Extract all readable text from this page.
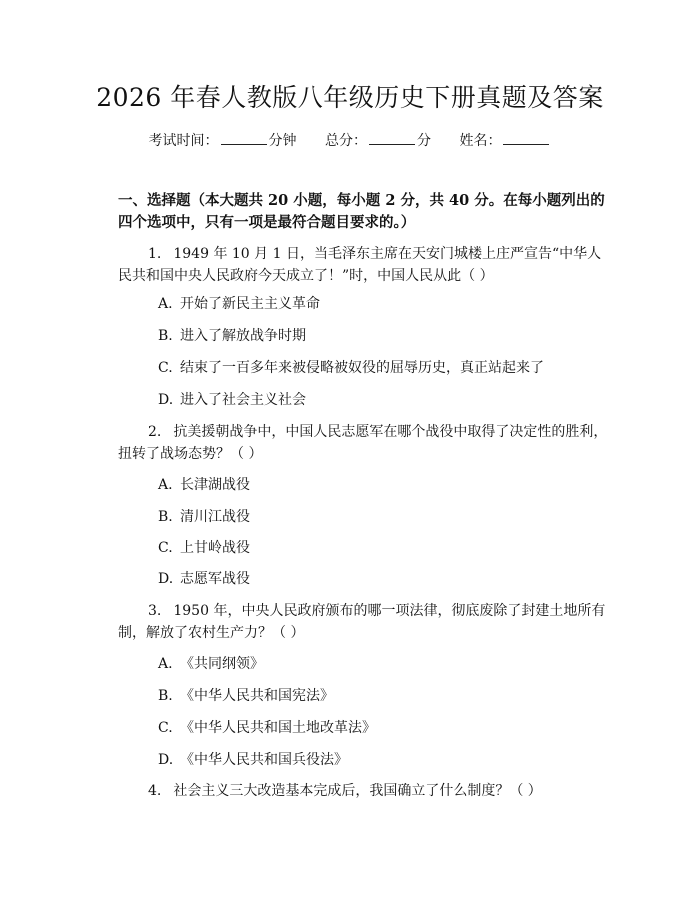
2026 年春人教版八年级历史下册真题及答案
考试时间：	分钟 总分：	分 姓名：
一、选择题（本大题共 20 小题，每小题 2 分，共 40 分。在每小题列出的四个选项中，只有一项是最符合题目要求的。）
1. 1949 年 10 月 1 日，当毛泽东主席在天安门城楼上庄严宣告“中华人民共和国中央人民政府今天成立了！”时，中国人民从此（ ）
A. 开始了新民主主义革命
B. 进入了解放战争时期
C. 结束了一百多年来被侵略被奴役的屈辱历史，真正站起来了
D. 进入了社会主义社会
2. 抗美援朝战争中，中国人民志愿军在哪个战役中取得了决定性的胜利，扭转了战场态势？（ ）
A. 长津湖战役
B. 清川江战役
C. 上甘岭战役
D. 志愿军战役
3. 1950 年，中央人民政府颁布的哪一项法律，彻底废除了封建土地所有制，解放了农村生产力？（ ）
A. 《共同纲领》
B. 《中华人民共和国宪法》
C. 《中华人民共和国土地改革法》
D. 《中华人民共和国兵役法》
4. 社会主义三大改造基本完成后，我国确立了什么制度？（ ）
